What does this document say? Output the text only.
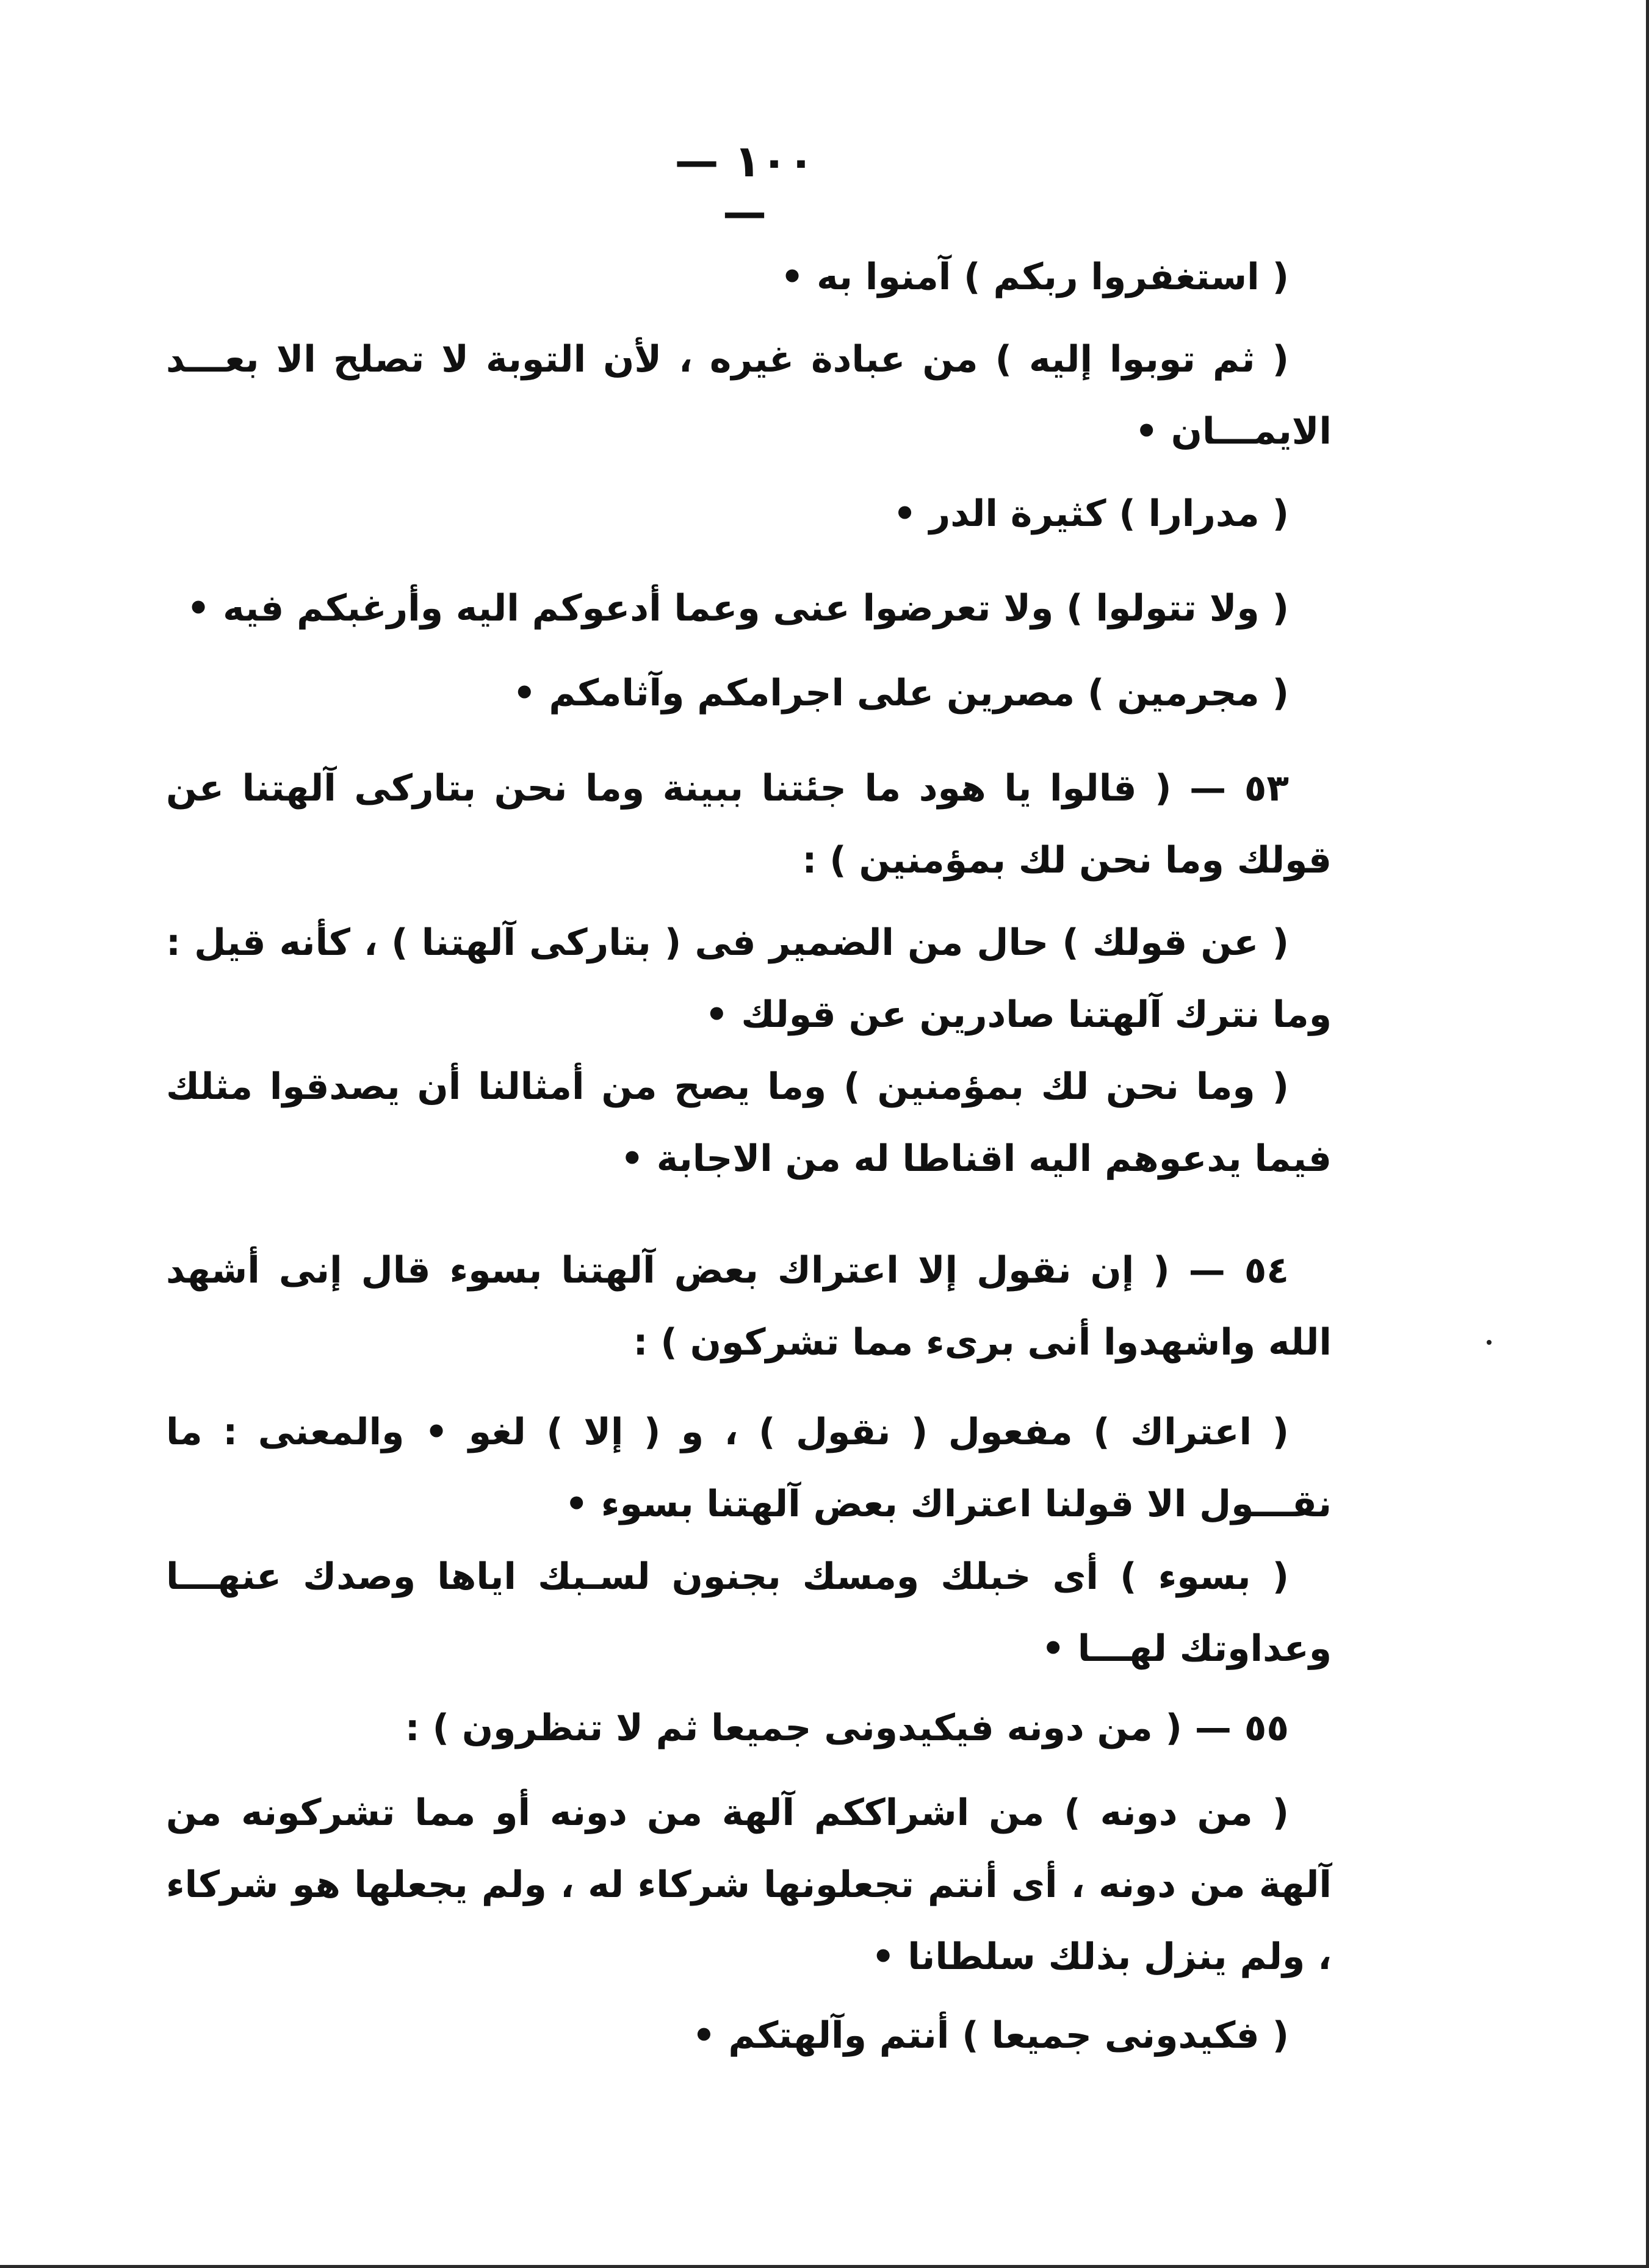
— ١٠٠ —

( استغفروا ربكم ) آمنوا به •

( ثم توبوا إليه ) من عبادة غيره ، لأن التوبة لا تصلح الا بعـــد الايمـــان •

( مدرارا ) كثيرة الدر •

( ولا تتولوا ) ولا تعرضوا عنى وعما أدعوكم اليه وأرغبكم فيه •

( مجرمين ) مصرين على اجرامكم وآثامكم •

٥٣ — ( قالوا يا هود ما جئتنا ببينة وما نحن بتاركى آلهتنا عن قولك وما نحن لك بمؤمنين ) :

( عن قولك ) حال من الضمير فى ( بتاركى آلهتنا ) ، كأنه قيل : وما نترك آلهتنا صادرين عن قولك •

( وما نحن لك بمؤمنين ) وما يصح من أمثالنا أن يصدقوا مثلك فيما يدعوهم اليه اقناطا له من الاجابة •

٥٤ — ( إن نقول إلا اعتراك بعض آلهتنا بسوء قال إنى أشهد الله واشهدوا أنى برىء مما تشركون ) :

( اعتراك ) مفعول ( نقول ) ، و ( إلا ) لغو • والمعنى : ما نقـــول الا قولنا اعتراك بعض آلهتنا بسوء •

( بسوء ) أى خبلك ومسك بجنون لسـبك اياها وصدك عنهـــا وعداوتك لهـــا •

٥٥ — ( من دونه فيكيدونى جميعا ثم لا تنظرون ) :

( من دونه ) من اشراككم آلهة من دونه أو مما تشركونه من آلهة من دونه ، أى أنتم تجعلونها شركاء له ، ولم يجعلها هو شركاء ، ولم ينزل بذلك سلطانا •

( فكيدونى جميعا ) أنتم وآلهتكم •
